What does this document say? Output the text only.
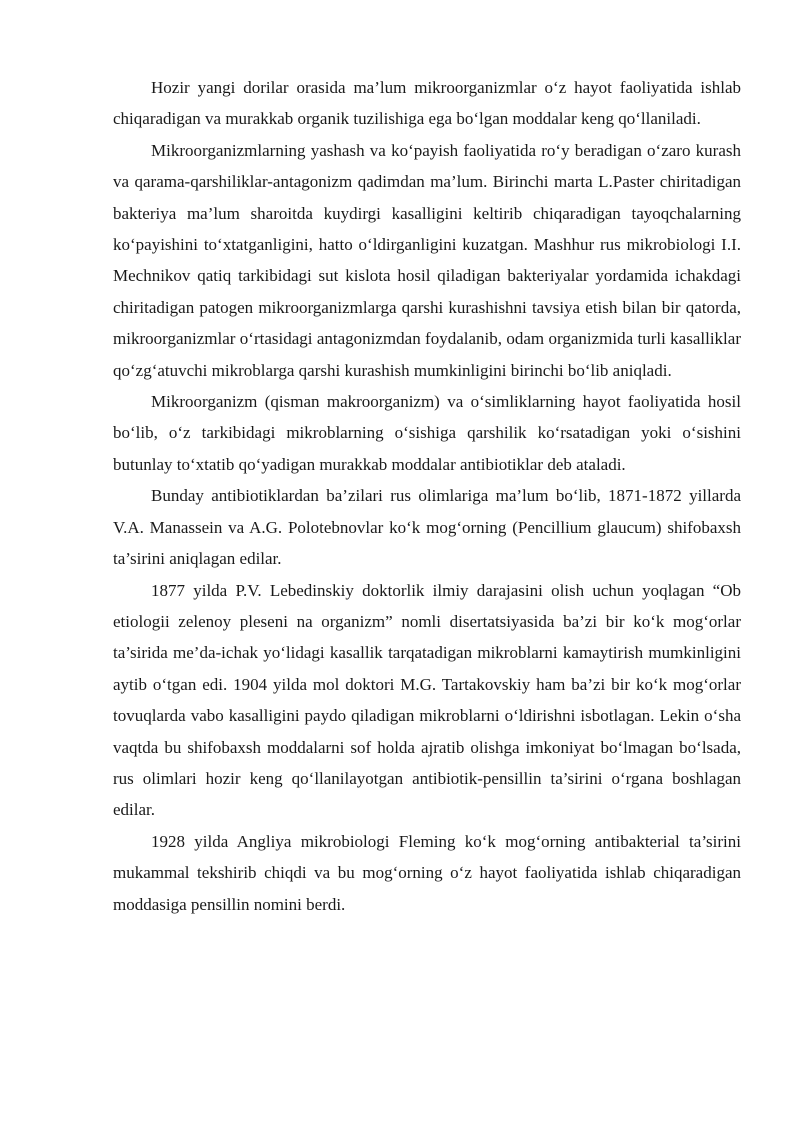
Hozir yangi dorilar orasida ma’lum mikroorganizmlar o‘z hayot faoliyatida ishlab chiqaradigan va murakkab organik tuzilishiga ega bo‘lgan moddalar keng qo‘llaniladi.

Mikroorganizmlarning yashash va ko‘payish faoliyatida ro‘y beradigan o‘zaro kurash va qarama-qarshiliklar-antagonizm qadimdan ma’lum. Birinchi marta L.Paster chiritadigan bakteriya ma’lum sharoitda kuydirgi kasalligini keltirib chiqaradigan tayoqchalarning ko‘payishini to‘xtatganligini, hatto o‘ldirganligini kuzatgan. Mashhur rus mikrobiologi I.I. Mechnikov qatiq tarkibidagi sut kislota hosil qiladigan bakteriyalar yordamida ichakdagi chiritadigan patogen mikroorganizmlarga qarshi kurashishni tavsiya etish bilan bir qatorda, mikroorganizmlar o‘rtasidagi antagonizmdan foydalanib, odam organizmida turli kasalliklar qo‘zg‘atuvchi mikroblarga qarshi kurashish mumkinligini birinchi bo‘lib aniqladi.

Mikroorganizm (qisman makroorganizm) va o‘simliklarning hayot faoliyatida hosil bo‘lib, o‘z tarkibidagi mikroblarning o‘sishiga qarshilik ko‘rsatadigan yoki o‘sishini butunlay to‘xtatib qo‘yadigan murakkab moddalar antibiotiklar deb ataladi.

Bunday antibiotiklardan ba’zilari rus olimlariga ma’lum bo‘lib, 1871-1872 yillarda V.A. Manassein va A.G. Polotebnovlar ko‘k mog‘orning (Pencillium glaucum) shifobaxsh ta’sirini aniqlagan edilar.

1877 yilda P.V. Lebedinskiy doktorlik ilmiy darajasini olish uchun yoqlagan “Ob etiologii zelenoy pleseni na organizm” nomli disertatsiyasida ba’zi bir ko‘k mog‘orlar ta’sirida me’da-ichak yo‘lidagi kasallik tarqatadigan mikroblarni kamaytirish mumkinligini aytib o‘tgan edi. 1904 yilda mol doktori M.G. Tartakovskiy ham ba’zi bir ko‘k mog‘orlar tovuqlarda vabo kasalligini paydo qiladigan mikroblarni o‘ldirishni isbotlagan. Lekin o‘sha vaqtda bu shifobaxsh moddalarni sof holda ajratib olishga imkoniyat bo‘lmagan bo‘lsada, rus olimlari hozir keng qo‘llanilayotgan antibiotik-pensillin ta’sirini o‘rgana boshlagan edilar.

1928 yilda Angliya mikrobiologi Fleming ko‘k mog‘orning antibakterial ta’sirini mukammal tekshirib chiqdi va bu mog‘orning o‘z hayot faoliyatida ishlab chiqaradigan moddasiga pensillin nomini berdi.
